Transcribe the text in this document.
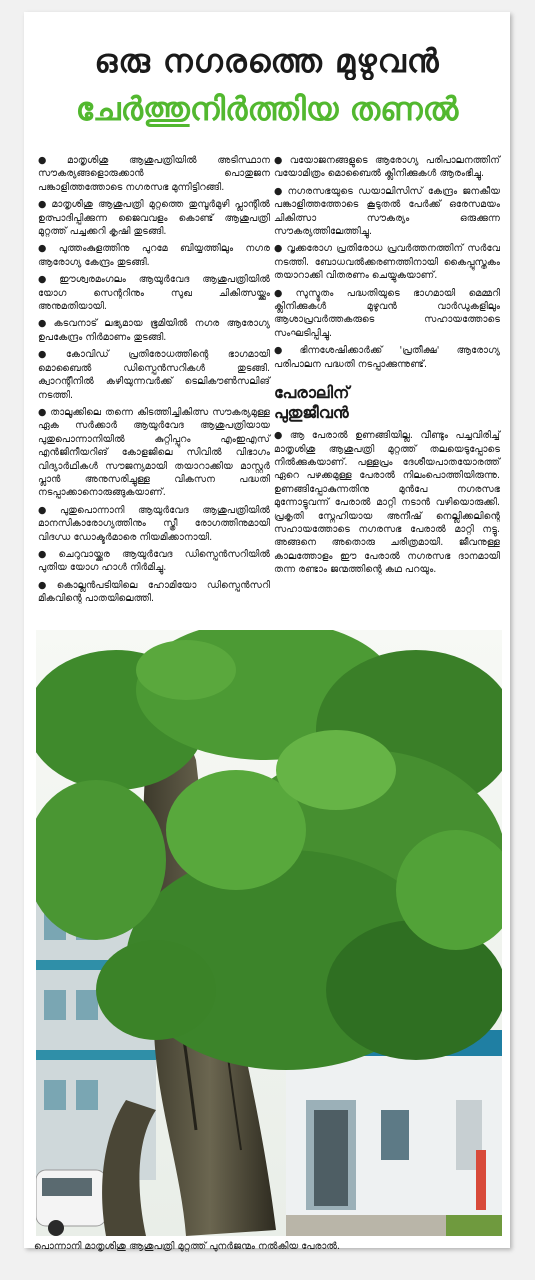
ഒരു നഗരത്തെ മുഴുവൻ
ചേർത്തുനിർത്തിയ തണൽ

● മാതൃശിശു ആശുപത്രിയിൽ അടിസ്ഥാന സൗകര്യങ്ങളൊരുക്കാൻ പൊതുജന പങ്കാളിത്തത്തോടെ നഗരസഭ മുന്നിട്ടിറങ്ങി.

● മാതൃശിശു ആശുപത്രി മുറ്റത്തെ തുമ്പൂർമുഴി പ്ലാന്റിൽ ഉത്പാദിപ്പിക്കുന്ന ജൈവവളം കൊണ്ട് ആശുപത്രി മുറ്റത്ത് പച്ചക്കറി കൃഷി തുടങ്ങി.

● പുത്തംകുളത്തിനു പുറമേ ബിയ്യത്തിലും നഗര ആരോഗ്യ കേന്ദ്രം തുടങ്ങി.

● ഈശ്വരമംഗലം ആയുർവേദ ആശുപത്രിയിൽ യോഗ സെന്ററിനും സുഖ ചികിത്സയ്ക്കും അനുമതിയായി.

● കടവനാട് ലഭ്യമായ ഭൂമിയിൽ നഗര ആരോഗ്യ ഉപകേന്ദ്രം നിർമാണം തുടങ്ങി.

● കോവിഡ് പ്രതിരോധത്തിന്റെ ഭാഗമായി മൊബൈൽ ഡിസ്പെൻസറികൾ തുടങ്ങി. ക്വാറന്റീനിൽ കഴിയുന്നവർക്ക് ടെലികൗൺസലിങ് നടത്തി.

● താലൂക്കിലെ തന്നെ കിടത്തിച്ചികിത്സ സൗകര്യമുള്ള ഏക സർക്കാർ ആയുർവേദ ആശുപത്രിയായ പുതുപൊന്നാനിയിൽ കുറ്റിപ്പുറം എംഇഎസ് എൻജിനീയറിങ് കോളജിലെ സിവിൽ വിഭാഗം വിദ്യാർഥികൾ സൗജന്യമായി തയാറാക്കിയ മാസ്റ്റർ പ്ലാൻ അനുസരിച്ചുള്ള വികസന പദ്ധതി നടപ്പാക്കാനൊരുങ്ങുകയാണ്.

● പുതുപൊന്നാനി ആയുർവേദ ആശുപത്രിയിൽ മാനസികാരോഗ്യത്തിനും സ്ത്രീ രോഗത്തിനുമായി വിദഗ്ധ ഡോക്ടർമാരെ നിയമിക്കാനായി.

● ചെറുവായ്ക്കര ആയുർവേദ ഡിസ്പെൻസറിയിൽ പുതിയ യോഗ ഹാൾ നിർമിച്ചു.

● കൊല്ലൻപടിയിലെ ഹോമിയോ ഡിസ്പെൻസറി മികവിന്റെ പാതയിലെത്തി.

● വയോജനങ്ങളുടെ ആരോഗ്യ പരിപാലനത്തിന് വയോമിത്രം മൊബൈൽ ക്ലിനിക്കുകൾ ആരംഭിച്ചു.

● നഗരസഭയുടെ ഡയാലിസിസ് കേന്ദ്രം ജനകീയ പങ്കാളിത്തത്തോടെ കൂടുതൽ പേർക്ക് ഒരേസമയം ചികിത്സാ സൗകര്യം ഒരുക്കുന്ന സൗകര്യത്തിലേത്തിച്ചു.

● വൃക്കരോഗ പ്രതിരോധ പ്രവർത്തനത്തിന് സർവേ നടത്തി. ബോധവൽക്കരണത്തിനായി കൈപ്പുസ്തകം തയാറാക്കി വിതരണം ചെയ്യുകയാണ്.

● സുസ്മൃതം പദ്ധതിയുടെ ഭാഗമായി മെമ്മറി ക്ലിനിക്കുകൾ മുഴുവൻ വാർഡുകളിലും ആശാപ്രവർത്തകരുടെ സഹായത്തോടെ സംഘടിപ്പിച്ചു.

● ഭിന്നശേഷിക്കാർക്ക് 'പ്രതീക്ഷ' ആരോഗ്യ പരിപാലന പദ്ധതി നടപ്പാക്കുന്നുണ്ട്.

പേരാലിന്
പുതുജീവൻ

● ആ പേരാൽ ഉണങ്ങിയില്ല. വീണ്ടും പച്ചവിരിച്ച് മാതൃശിശു ആശുപത്രി മുറ്റത്ത് തലയെടുപ്പോടെ നിൽക്കുകയാണ്. പള്ളപ്രം ദേശീയപാതയോരത്ത് ഏറെ പഴക്കമുള്ള പേരാൽ നിലംപൊത്തിയിരുന്നു. ഉണങ്ങിപ്പോകുന്നതിനു മുൻപേ നഗരസഭ മുന്നോട്ടുവന്ന് പേരാൽ മാറ്റി നടാൻ വഴിയൊരുക്കി. പ്രകൃതി സ്നേഹിയായ അനീഷ് നെല്ലിക്കലിന്റെ സഹായത്തോടെ നഗരസഭ പേരാൽ മാറ്റി നട്ടു. അങ്ങനെ അതൊരു ചരിത്രമായി. ജീവനുള്ള കാലത്തോളം ഈ പേരാൽ നഗരസഭ ദാനമായി തന്ന രണ്ടാം ജന്മത്തിന്റെ കഥ പറയും.

പൊന്നാനി മാതൃശിശു ആശുപത്രി മുറ്റത്ത് പുനർജന്മം നൽകിയ പേരാൽ.
